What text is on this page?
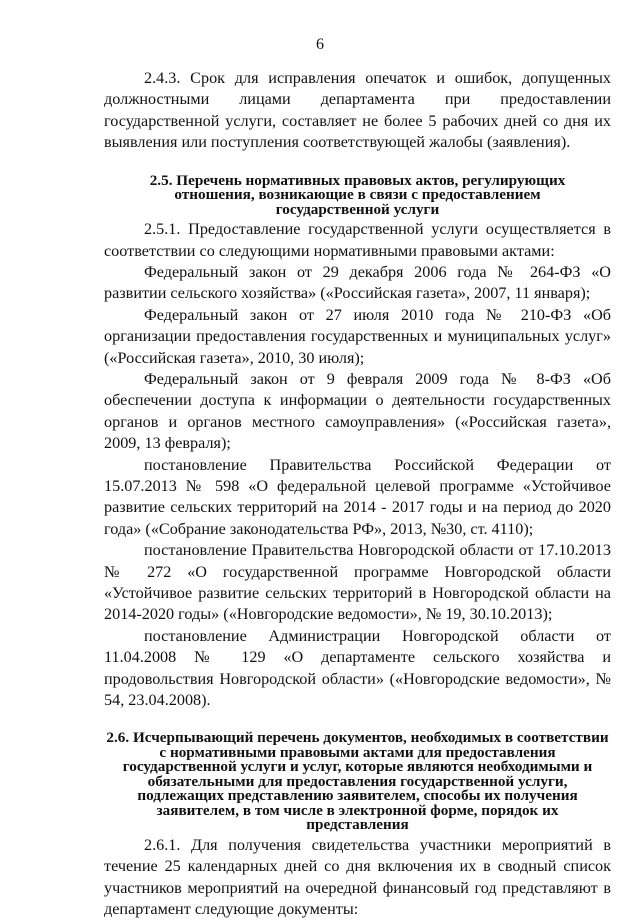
6

2.4.3. Срок для исправления опечаток и ошибок, допущенных должностными лицами департамента при предоставлении государственной услуги, составляет не более 5 рабочих дней со дня их выявления или поступления соответствующей жалобы (заявления).

2.5. Перечень нормативных правовых актов, регулирующих отношения, возникающие в связи с предоставлением государственной услуги

2.5.1. Предоставление государственной услуги осуществляется в соответствии со следующими нормативными правовыми актами:

Федеральный закон от 29 декабря 2006 года № 264-ФЗ «О развитии сельского хозяйства» («Российская газета», 2007, 11 января);

Федеральный закон от 27 июля 2010 года № 210-ФЗ «Об организации предоставления государственных и муниципальных услуг» («Российская газета», 2010, 30 июля);

Федеральный закон от 9 февраля 2009 года № 8-ФЗ «Об обеспечении доступа к информации о деятельности государственных органов и органов местного самоуправления» («Российская газета», 2009, 13 февраля);

постановление Правительства Российской Федерации от 15.07.2013 № 598 «О федеральной целевой программе «Устойчивое развитие сельских территорий на 2014 - 2017 годы и на период до 2020 года» («Собрание законодательства РФ», 2013, №30, ст. 4110);

постановление Правительства Новгородской области от 17.10.2013 № 272 «О государственной программе Новгородской области «Устойчивое развитие сельских территорий в Новгородской области на 2014-2020 годы» («Новгородские ведомости», № 19, 30.10.2013);

постановление Администрации Новгородской области от 11.04.2008 № 129 «О департаменте сельского хозяйства и продовольствия Новгородской области» («Новгородские ведомости», № 54, 23.04.2008).

2.6. Исчерпывающий перечень документов, необходимых в соответствии с нормативными правовыми актами для предоставления государственной услуги и услуг, которые являются необходимыми и обязательными для предоставления государственной услуги, подлежащих представлению заявителем, способы их получения заявителем, в том числе в электронной форме, порядок их представления

2.6.1. Для получения свидетельства участники мероприятий в течение 25 календарных дней со дня включения их в сводный список участников мероприятий на очередной финансовый год представляют в департамент следующие документы:
